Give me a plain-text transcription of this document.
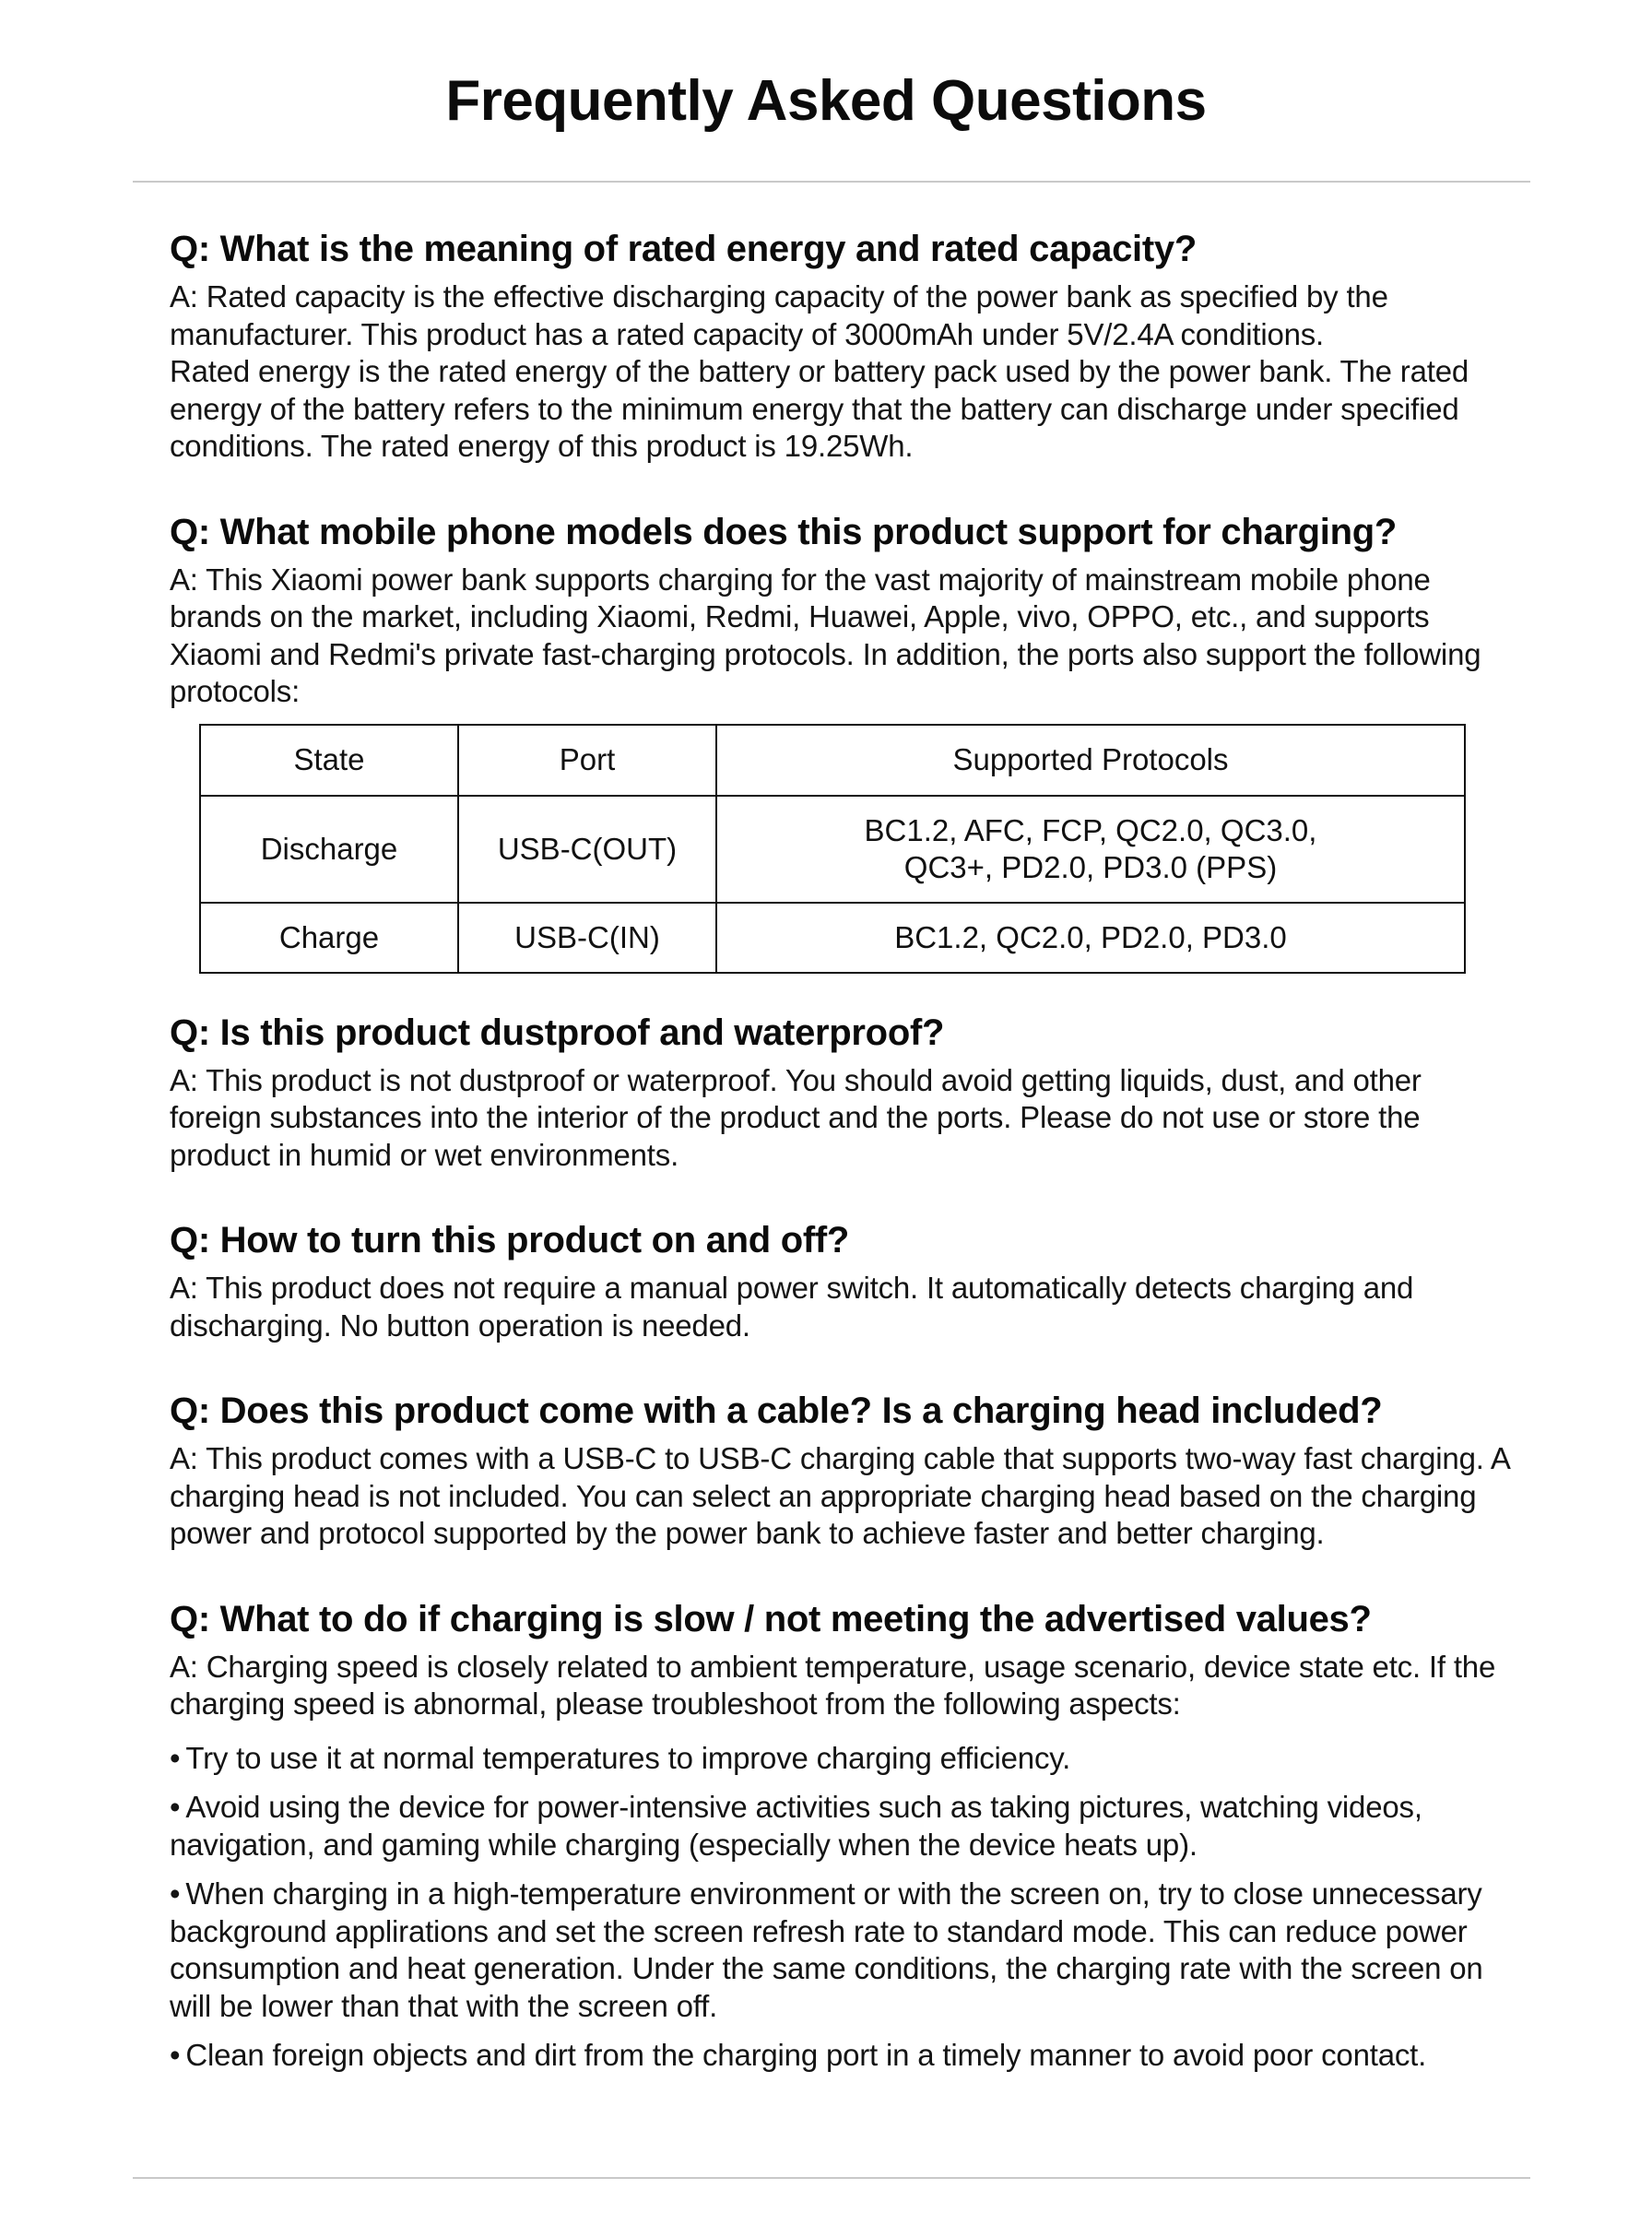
Frequently Asked Questions
Q: What is the meaning of rated energy and rated capacity?

A: Rated capacity is the effective discharging capacity of the power bank as specified by the manufacturer. This product has a rated capacity of 3000mAh under 5V/2.4A conditions.

Rated energy is the rated energy of the battery or battery pack used by the power bank. The rated energy of the battery refers to the minimum energy that the battery can discharge under specified conditions. The rated energy of this product is 19.25Wh.

Q: What mobile phone models does this product support for charging?

A: This Xiaomi power bank supports charging for the vast majority of mainstream mobile phone brands on the market, including Xiaomi, Redmi, Huawei, Apple, vivo, OPPO, etc., and supports Xiaomi and Redmi's private fast-charging protocols. In addition, the ports also support the following protocols:

State	Port	Supported Protocols
Discharge	USB-C(OUT)	BC1.2, AFC, FCP, QC2.0, QC3.0,
QC3+, PD2.0, PD3.0 (PPS)

Charge	USB-C(IN)	BC1.2, QC2.0, PD2.0, PD3.0
Q: Is this product dustproof and waterproof?

A: This product is not dustproof or waterproof. You should avoid getting liquids, dust, and other foreign substances into the interior of the product and the ports. Please do not use or store the product in humid or wet environments.

Q: How to turn this product on and off?

A: This product does not require a manual power switch. It automatically detects charging and discharging. No button operation is needed.

Q: Does this product come with a cable? Is a charging head included?

A: This product comes with a USB-C to USB-C charging cable that supports two-way fast charging. A charging head is not included. You can select an appropriate charging head based on the charging power and protocol supported by the power bank to achieve faster and better charging.

Q: What to do if charging is slow / not meeting the advertised values?

A: Charging speed is closely related to ambient temperature, usage scenario, device state etc. If the charging speed is abnormal, please troubleshoot from the following aspects:

• Try to use it at normal temperatures to improve charging efficiency.
• Avoid using the device for power-intensive activities such as taking pictures, watching videos, navigation, and gaming while charging (especially when the device heats up).
• When charging in a high-temperature environment or with the screen on, try to close unnecessary background applirations and set the screen refresh rate to standard mode. This can reduce power consumption and heat generation. Under the same conditions, the charging rate with the screen on will be lower than that with the screen off.
• Clean foreign objects and dirt from the charging port in a timely manner to avoid poor contact.
